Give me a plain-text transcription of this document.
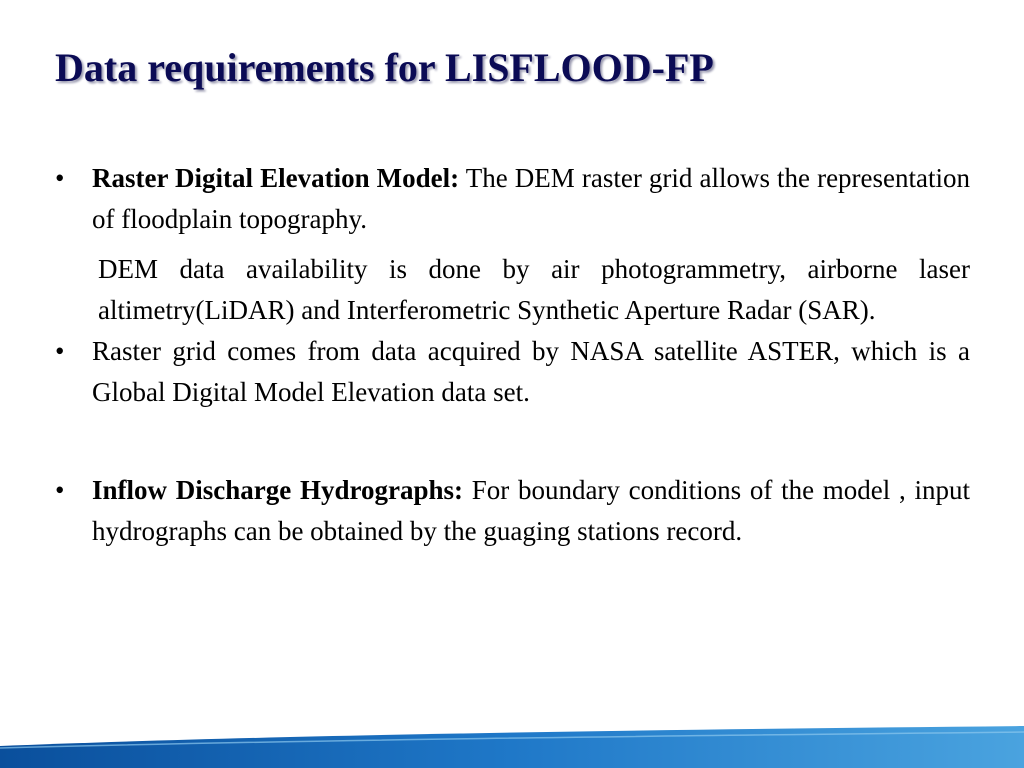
Data requirements for LISFLOOD-FP
•	Raster Digital Elevation Model: The DEM raster grid allows the representation of floodplain topography.
DEM data availability is done by air photogrammetry, airborne laser altimetry(LiDAR) and Interferometric Synthetic Aperture Radar (SAR).
•	Raster grid comes from data acquired by NASA satellite ASTER, which is a Global Digital Model Elevation data set.
•	Inflow Discharge Hydrographs: For boundary conditions of the model , input hydrographs can be obtained by the guaging stations record.
